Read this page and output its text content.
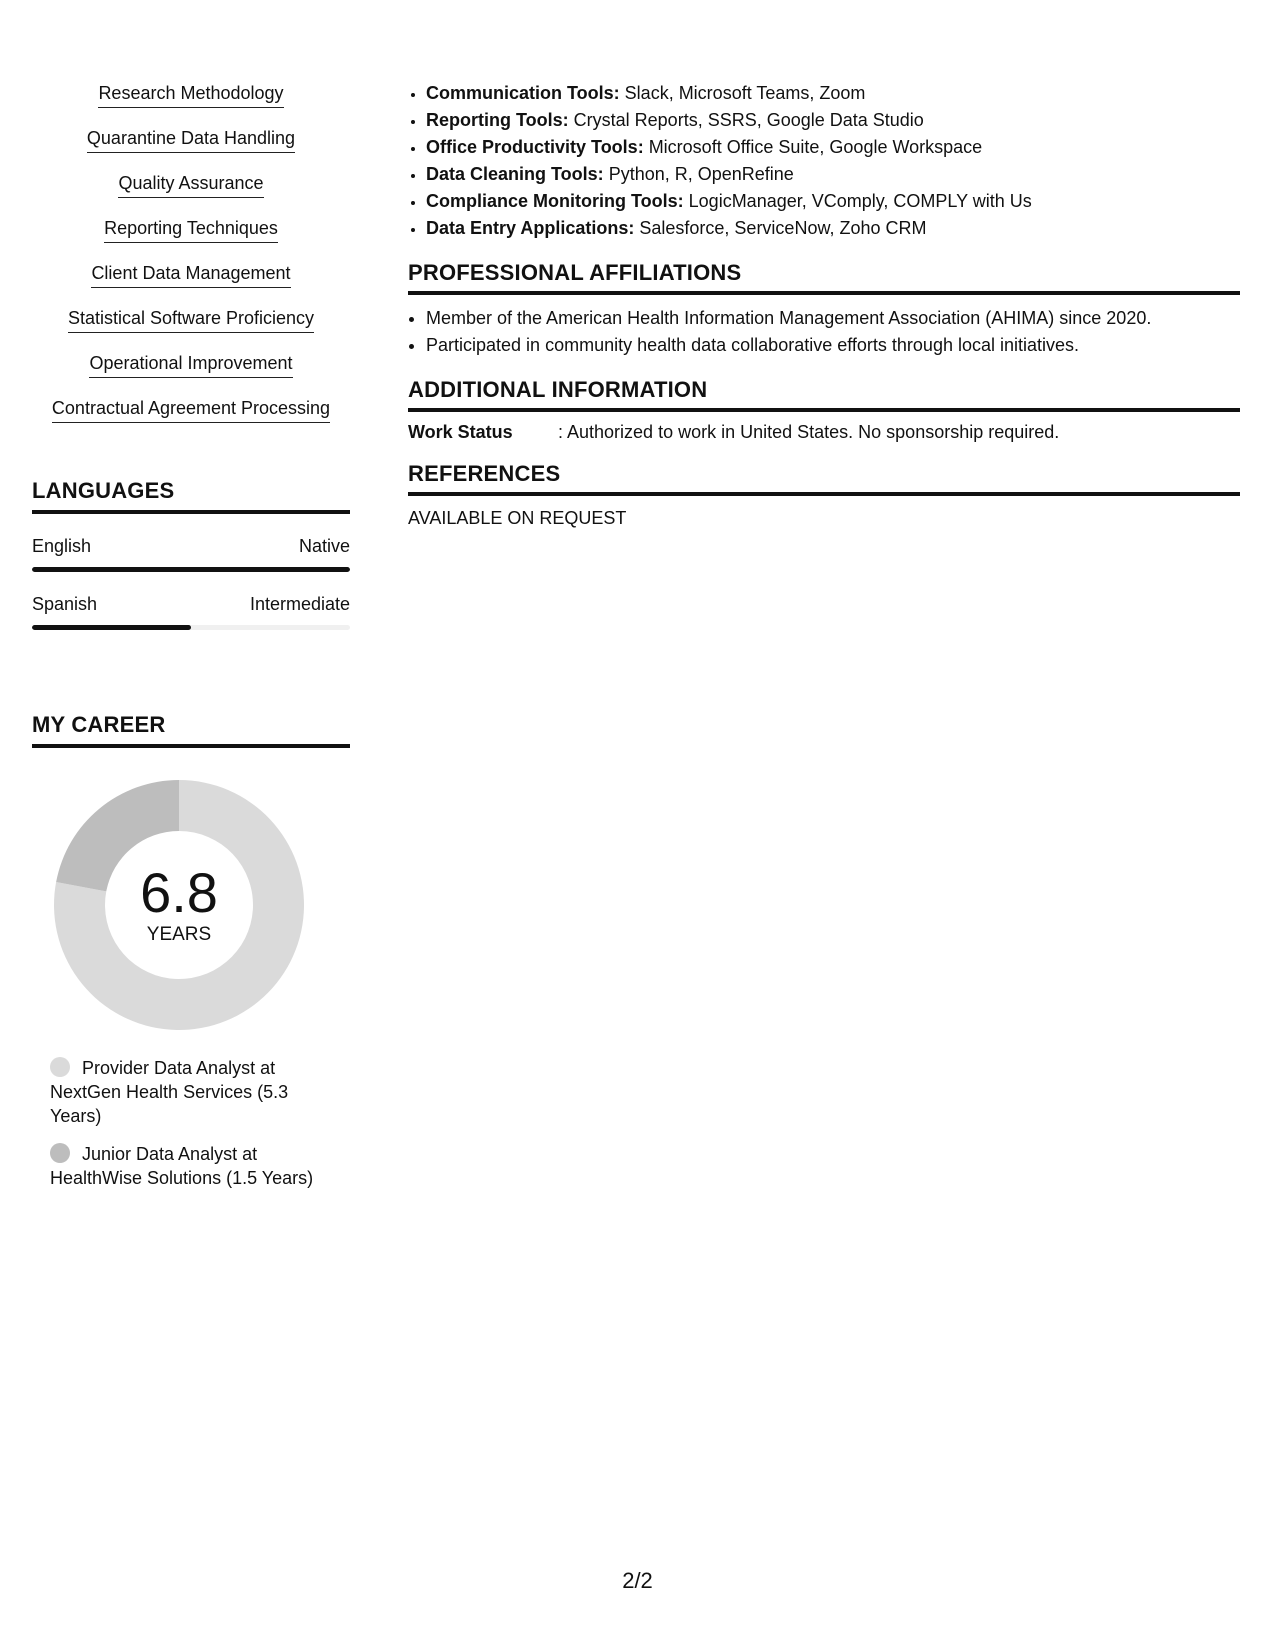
Research Methodology
Quarantine Data Handling
Quality Assurance
Reporting Techniques
Client Data Management
Statistical Software Proficiency
Operational Improvement
Contractual Agreement Processing
LANGUAGES
English	Native
Spanish	Intermediate
MY CAREER
6.8
YEARS
Provider Data Analyst at NextGen Health Services (5.3 Years)
Junior Data Analyst at HealthWise Solutions (1.5 Years)
• Communication Tools: Slack, Microsoft Teams, Zoom
• Reporting Tools: Crystal Reports, SSRS, Google Data Studio
• Office Productivity Tools: Microsoft Office Suite, Google Workspace
• Data Cleaning Tools: Python, R, OpenRefine
• Compliance Monitoring Tools: LogicManager, VComply, COMPLY with Us
• Data Entry Applications: Salesforce, ServiceNow, Zoho CRM
PROFESSIONAL AFFILIATIONS
• Member of the American Health Information Management Association (AHIMA) since 2020.
• Participated in community health data collaborative efforts through local initiatives.
ADDITIONAL INFORMATION
Work Status	: Authorized to work in United States. No sponsorship required.
REFERENCES
AVAILABLE ON REQUEST
2/2
